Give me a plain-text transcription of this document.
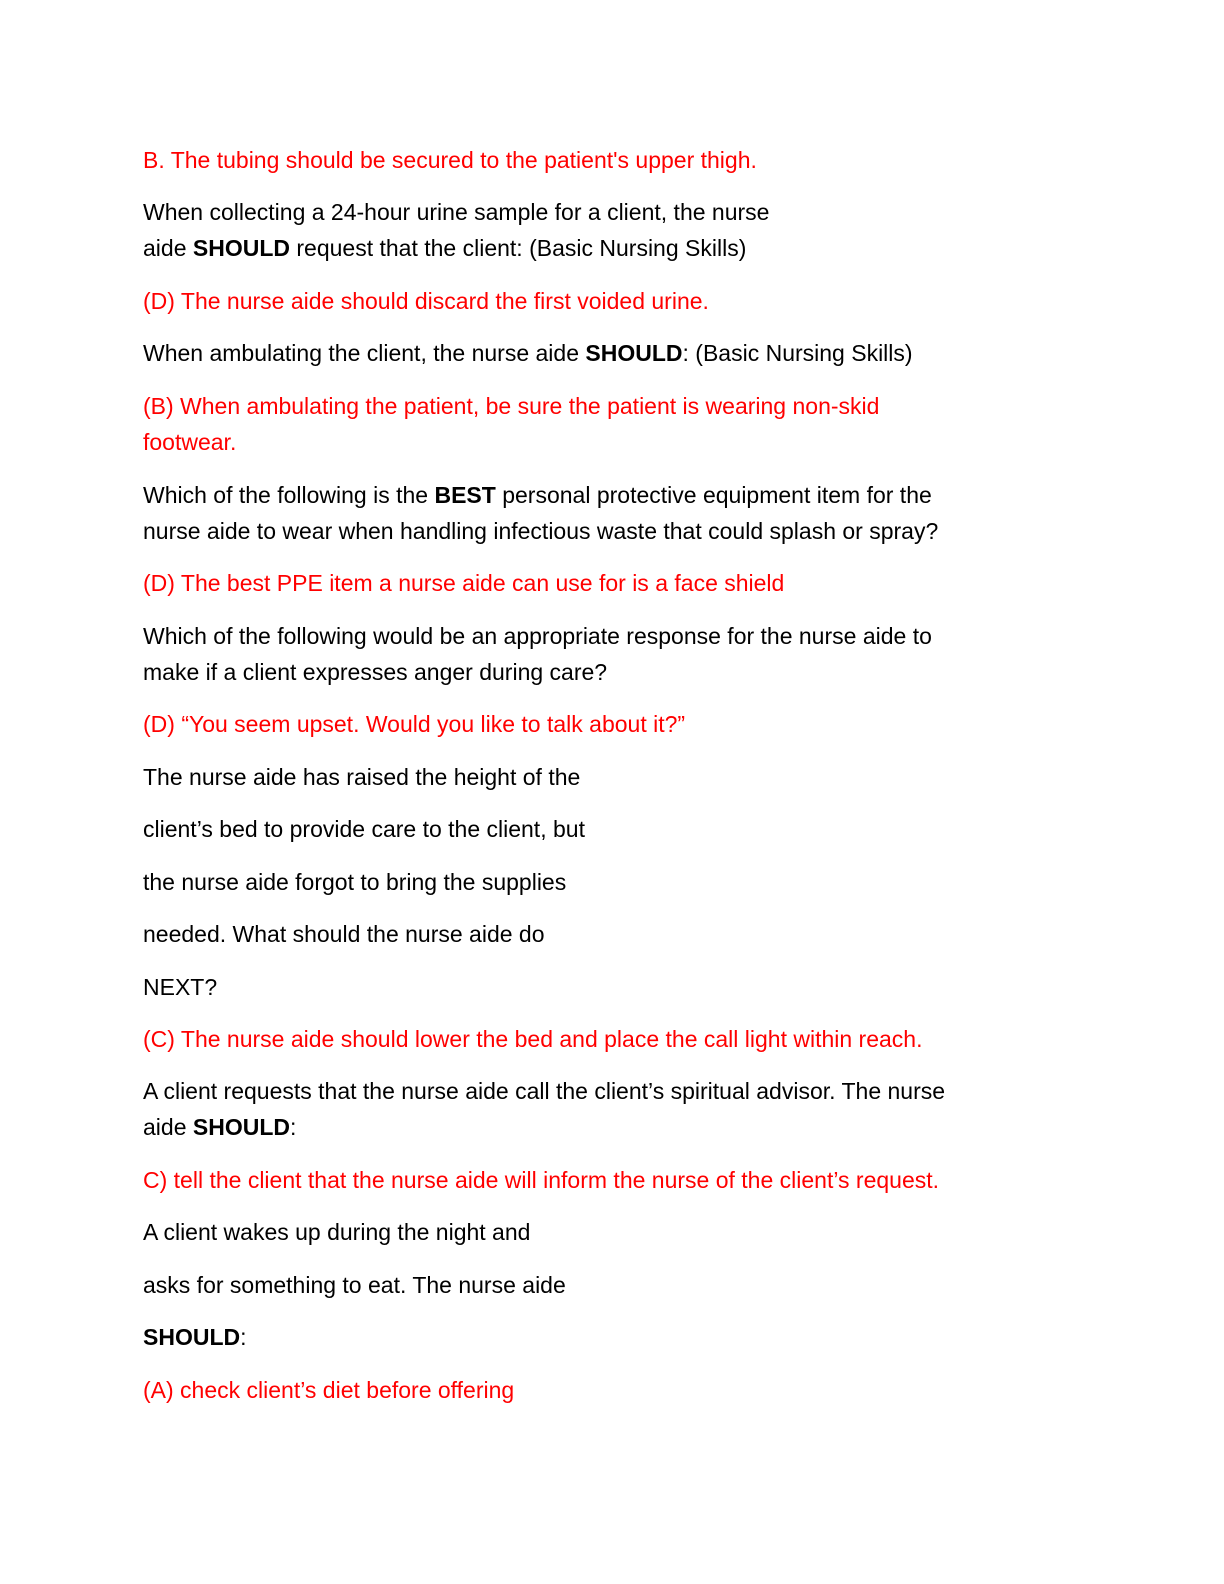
B. The tubing should be secured to the patient's upper thigh.

When collecting a 24-hour urine sample for a client, the nurse

aide SHOULD request that the client: (Basic Nursing Skills)

(D) The nurse aide should discard the first voided urine.

When ambulating the client, the nurse aide SHOULD: (Basic Nursing Skills)

(B) When ambulating the patient, be sure the patient is wearing non-skid

footwear.

Which of the following is the BEST personal protective equipment item for the

nurse aide to wear when handling infectious waste that could splash or spray?

(D) The best PPE item a nurse aide can use for is a face shield

Which of the following would be an appropriate response for the nurse aide to

make if a client expresses anger during care?

(D) “You seem upset. Would you like to talk about it?”

The nurse aide has raised the height of the

client’s bed to provide care to the client, but

the nurse aide forgot to bring the supplies

needed. What should the nurse aide do

NEXT?

(C) The nurse aide should lower the bed and place the call light within reach.

A client requests that the nurse aide call the client’s spiritual advisor. The nurse

aide SHOULD:

C) tell the client that the nurse aide will inform the nurse of the client’s request.

A client wakes up during the night and

asks for something to eat. The nurse aide

SHOULD:

(A) check client’s diet before offering
